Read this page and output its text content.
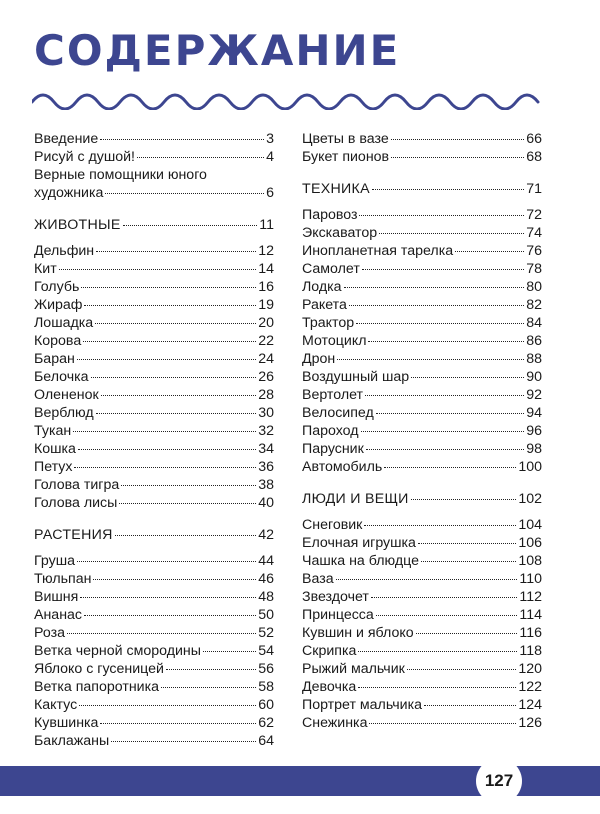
СОДЕРЖАНИЕ
Введение	3
Рисуй с душой!	4
Верные помощники юного
художника	6
ЖИВОТНЫЕ	11
Дельфин	12
Кит	14
Голубь	16
Жираф	19
Лошадка	20
Корова	22
Баран	24
Белочка	26
Олененок	28
Верблюд	30
Тукан	32
Кошка	34
Петух	36
Голова тигра	38
Голова лисы	40
РАСТЕНИЯ	42
Груша	44
Тюльпан	46
Вишня	48
Ананас	50
Роза	52
Ветка черной смородины	54
Яблоко с гусеницей	56
Ветка папоротника	58
Кактус	60
Кувшинка	62
Баклажаны	64
Цветы в вазе	66
Букет пионов	68
ТЕХНИКА	71
Паровоз	72
Экскаватор	74
Инопланетная тарелка	76
Самолет	78
Лодка	80
Ракета	82
Трактор	84
Мотоцикл	86
Дрон	88
Воздушный шар	90
Вертолет	92
Велосипед	94
Пароход	96
Парусник	98
Автомобиль	100
ЛЮДИ И ВЕЩИ	102
Снеговик	104
Елочная игрушка	106
Чашка на блюдце	108
Ваза	110
Звездочет	112
Принцесса	114
Кувшин и яблоко	116
Скрипка	118
Рыжий мальчик	120
Девочка	122
Портрет мальчика	124
Снежинка	126
127
